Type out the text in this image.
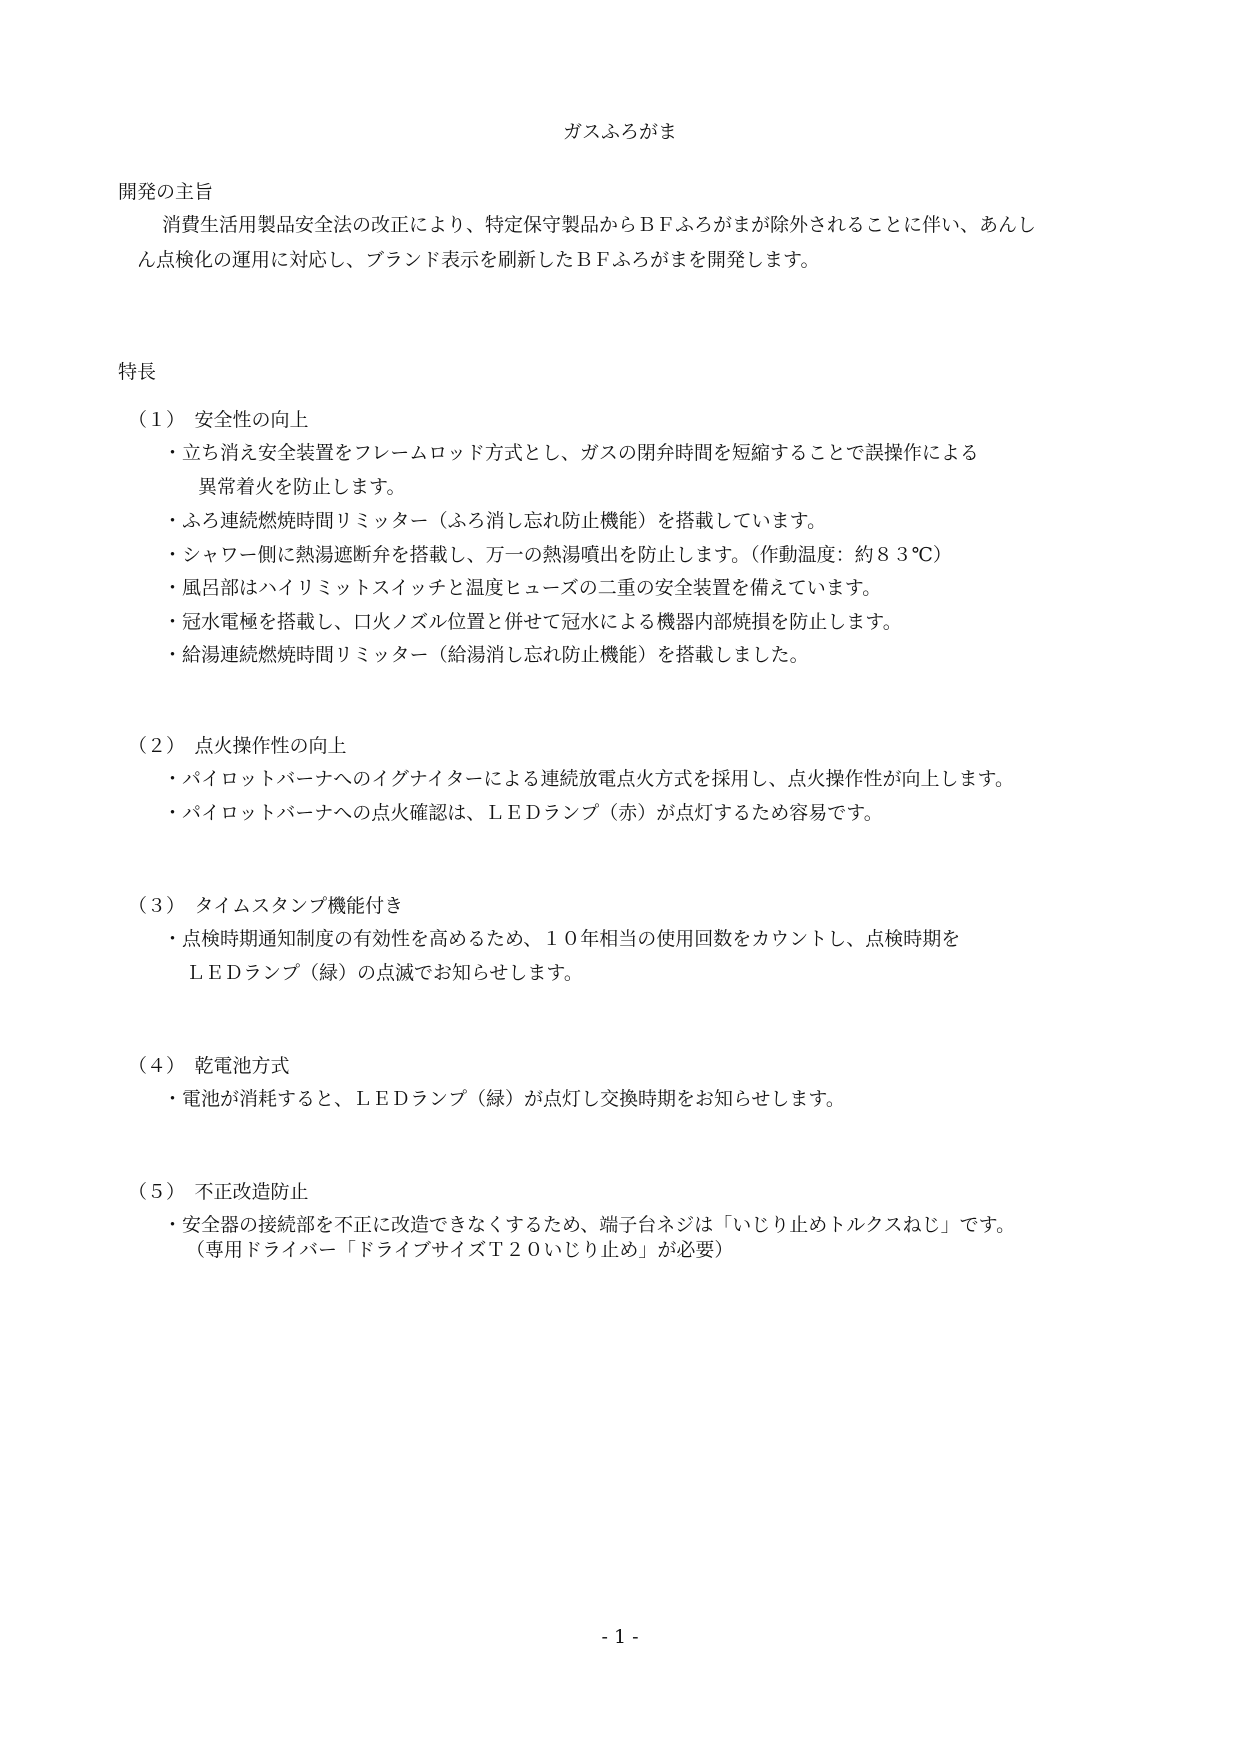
ガスふろがま
開発の主旨
消費生活用製品安全法の改正により、特定保守製品からＢＦふろがまが除外されることに伴い、あんし
ん点検化の運用に対応し、ブランド表示を刷新したＢＦふろがまを開発します。
特長
（１）　安全性の向上
・立ち消え安全装置をフレームロッド方式とし、ガスの閉弁時間を短縮することで誤操作による
異常着火を防止します。
・ふろ連続燃焼時間リミッター（ふろ消し忘れ防止機能）を搭載しています。
・シャワー側に熱湯遮断弁を搭載し、万一の熱湯噴出を防止します。（作動温度：約８３℃）
・風呂部はハイリミットスイッチと温度ヒューズの二重の安全装置を備えています。
・冠水電極を搭載し、口火ノズル位置と併せて冠水による機器内部焼損を防止します。
・給湯連続燃焼時間リミッター（給湯消し忘れ防止機能）を搭載しました。
（２）　点火操作性の向上
・パイロットバーナへのイグナイターによる連続放電点火方式を採用し、点火操作性が向上します。
・パイロットバーナへの点火確認は、ＬＥＤランプ（赤）が点灯するため容易です。
（３）　タイムスタンプ機能付き
・点検時期通知制度の有効性を高めるため、１０年相当の使用回数をカウントし、点検時期を
ＬＥＤランプ（緑）の点滅でお知らせします。
（４）　乾電池方式
・電池が消耗すると、ＬＥＤランプ（緑）が点灯し交換時期をお知らせします。
（５）　不正改造防止
・安全器の接続部を不正に改造できなくするため、端子台ネジは「いじり止めトルクスねじ」です。
（専用ドライバー「ドライブサイズＴ２０いじり止め」が必要）
- 1 -
